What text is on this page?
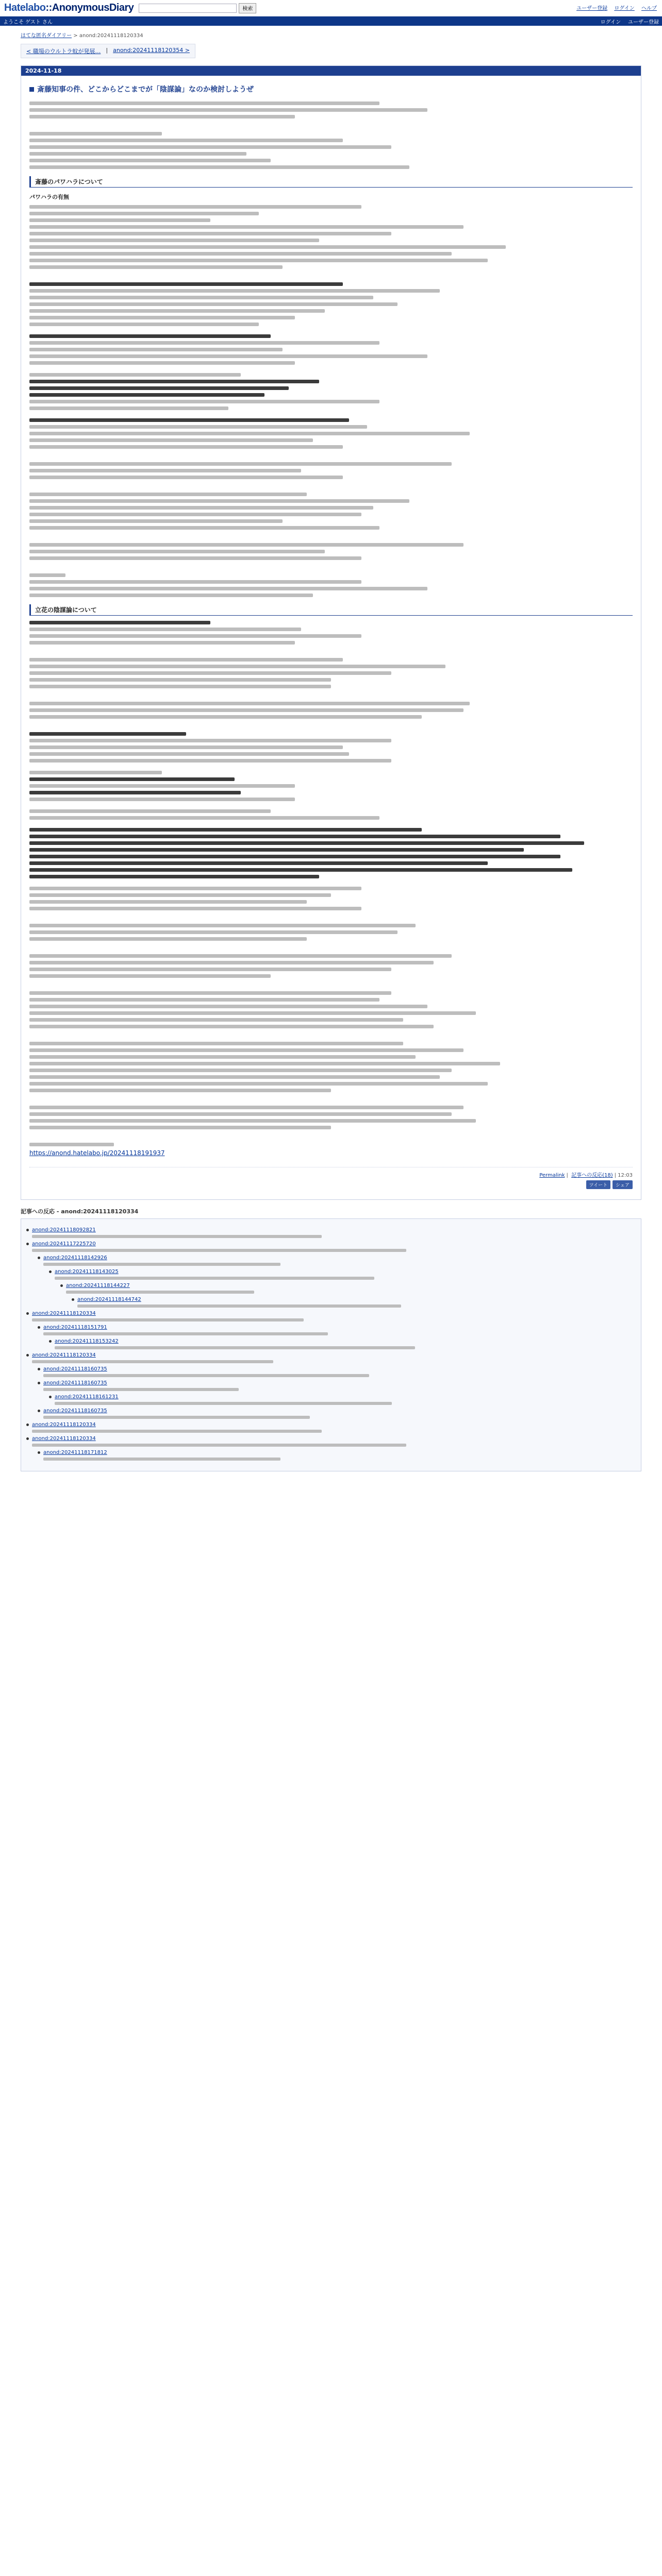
Hatelabo::AnonymousDiary	検索	ユーザー登録 ログイン ヘルプ
ようこそ ゲスト さん	ログイン ユーザー登録
はてな匿名ダイアリー > anond:20241118120334
< 職場のウルトラ蚊が発展… | anond:20241118120354 >
2024-11-18
斎藤知事の件、どこからどこまでが「陰謀論」なのか検討しようぜ
斎藤のパワハラについて
パワハラの有無
立花の陰謀論について
https://anond.hatelabo.jp/20241118191937
Permalink | 記事への反応(18) | 12:03
ツイート	シェア
記事への反応 - anond:20241118120334
anond:20241118092821
anond:20241117225720
anond:20241118142926
anond:20241118143025
anond:20241118144227
anond:20241118144742
anond:20241118120334
anond:20241118151791
anond:20241118153242
anond:20241118120334
anond:20241118160735
anond:20241118160735
anond:20241118161231
anond:20241118160735
anond:20241118120334
anond:20241118120334
anond:20241118171812
